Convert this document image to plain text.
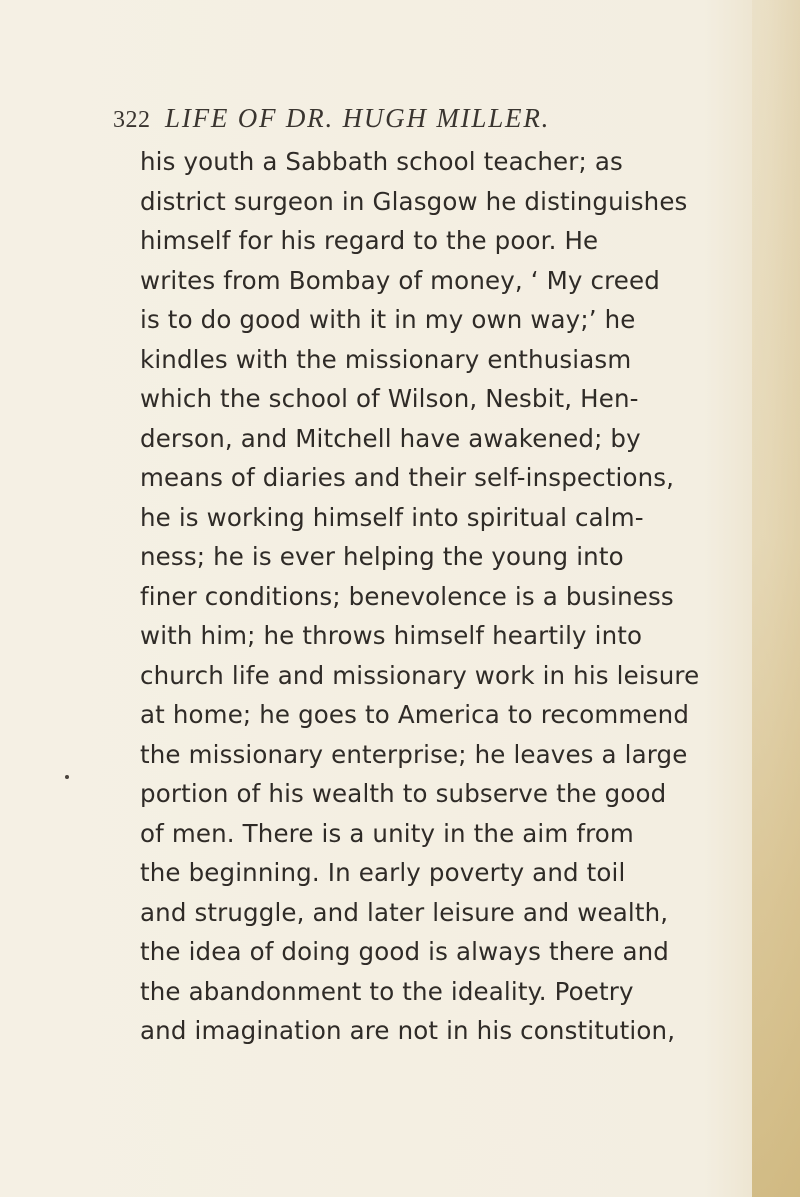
322 LIFE OF DR. HUGH MILLER.
his youth a Sabbath school teacher; as
district surgeon in Glasgow he distinguishes
himself for his regard to the poor. He
writes from Bombay of money, ‘ My creed
is to do good with it in my own way;’ he
kindles with the missionary enthusiasm
which the school of Wilson, Nesbit, Hen-
derson, and Mitchell have awakened; by
means of diaries and their self-inspections,
he is working himself into spiritual calm-
ness; he is ever helping the young into
finer conditions; benevolence is a business
with him; he throws himself heartily into
church life and missionary work in his leisure
at home; he goes to America to recommend
the missionary enterprise; he leaves a large
portion of his wealth to subserve the good
of men. There is a unity in the aim from
the beginning. In early poverty and toil
and struggle, and later leisure and wealth,
the idea of doing good is always there and
the abandonment to the ideality. Poetry
and imagination are not in his constitution,
